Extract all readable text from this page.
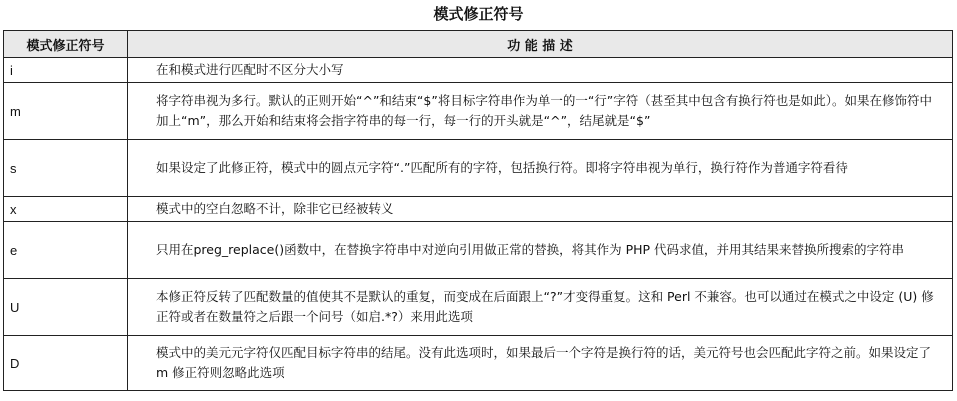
模式修正符号
模式修正符号	功 能 描 述
i	在和模式进行匹配时不区分大小写
m	将字符串视为多行。默认的正则开始“^”和结束“$”将目标字符串作为单一的一“行”字符（甚至其中包含有换行符也是如此）。如果在修饰符中加上“m”，那么开始和结束将会指字符串的每一行，每一行的开头就是“^”，结尾就是“$”
s	如果设定了此修正符，模式中的圆点元字符“.”匹配所有的字符，包括换行符。即将字符串视为单行，换行符作为普通字符看待
x	模式中的空白忽略不计，除非它已经被转义
e	只用在preg_replace()函数中，在替换字符串中对逆向引用做正常的替换，将其作为 PHP 代码求值，并用其结果来替换所搜索的字符串
U	本修正符反转了匹配数量的值使其不是默认的重复，而变成在后面跟上“?”才变得重复。这和 Perl 不兼容。也可以通过在模式之中设定 (U) 修正符或者在数量符之后跟一个问号（如启.*?）来用此选项
D	模式中的美元元字符仅匹配目标字符串的结尾。没有此选项时，如果最后一个字符是换行符的话，美元符号也会匹配此字符之前。如果设定了 m 修正符则忽略此选项
